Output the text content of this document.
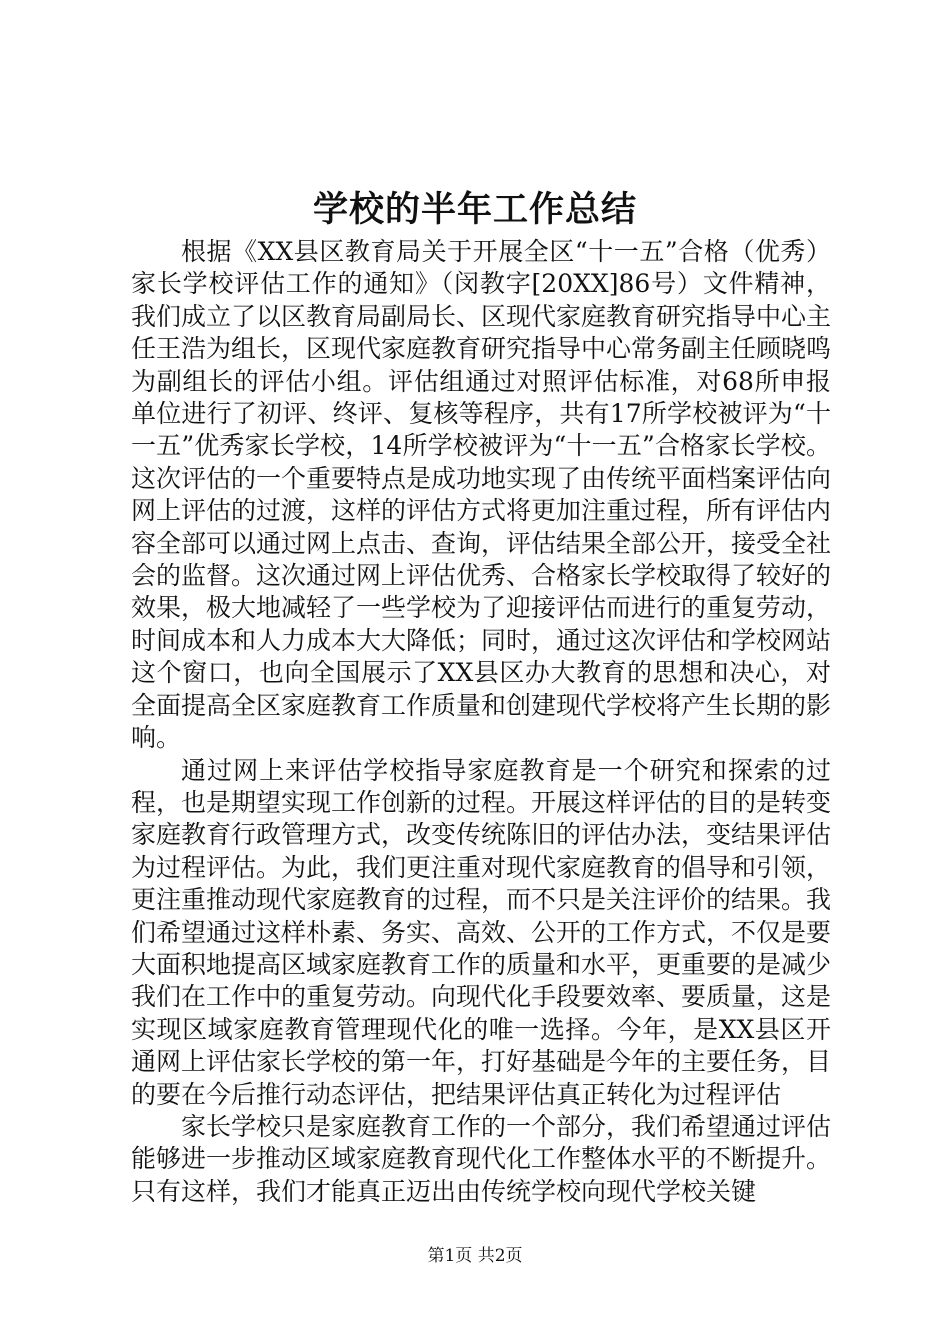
学校的半年工作总结

根据《XX县区教育局关于开展全区“十一五”合格（优秀）家长学校评估工作的通知》（闵教字[20XX]86号）文件精神，我们成立了以区教育局副局长、区现代家庭教育研究指导中心主任王浩为组长，区现代家庭教育研究指导中心常务副主任顾晓鸣为副组长的评估小组。评估组通过对照评估标准，对68所申报单位进行了初评、终评、复核等程序，共有17所学校被评为“十一五”优秀家长学校，14所学校被评为“十一五”合格家长学校。这次评估的一个重要特点是成功地实现了由传统平面档案评估向网上评估的过渡，这样的评估方式将更加注重过程，所有评估内容全部可以通过网上点击、查询，评估结果全部公开，接受全社会的监督。这次通过网上评估优秀、合格家长学校取得了较好的效果，极大地减轻了一些学校为了迎接评估而进行的重复劳动，时间成本和人力成本大大降低；同时，通过这次评估和学校网站这个窗口，也向全国展示了XX县区办大教育的思想和决心，对全面提高全区家庭教育工作质量和创建现代学校将产生长期的影响。

通过网上来评估学校指导家庭教育是一个研究和探索的过程，也是期望实现工作创新的过程。开展这样评估的目的是转变家庭教育行政管理方式，改变传统陈旧的评估办法，变结果评估为过程评估。为此，我们更注重对现代家庭教育的倡导和引领，更注重推动现代家庭教育的过程，而不只是关注评价的结果。我们希望通过这样朴素、务实、高效、公开的工作方式，不仅是要大面积地提高区域家庭教育工作的质量和水平，更重要的是减少我们在工作中的重复劳动。向现代化手段要效率、要质量，这是实现区域家庭教育管理现代化的唯一选择。今年，是XX县区开通网上评估家长学校的第一年，打好基础是今年的主要任务，目的要在今后推行动态评估，把结果评估真正转化为过程评估

家长学校只是家庭教育工作的一个部分，我们希望通过评估能够进一步推动区域家庭教育现代化工作整体水平的不断提升。只有这样，我们才能真正迈出由传统学校向现代学校关键

第1页 共2页
